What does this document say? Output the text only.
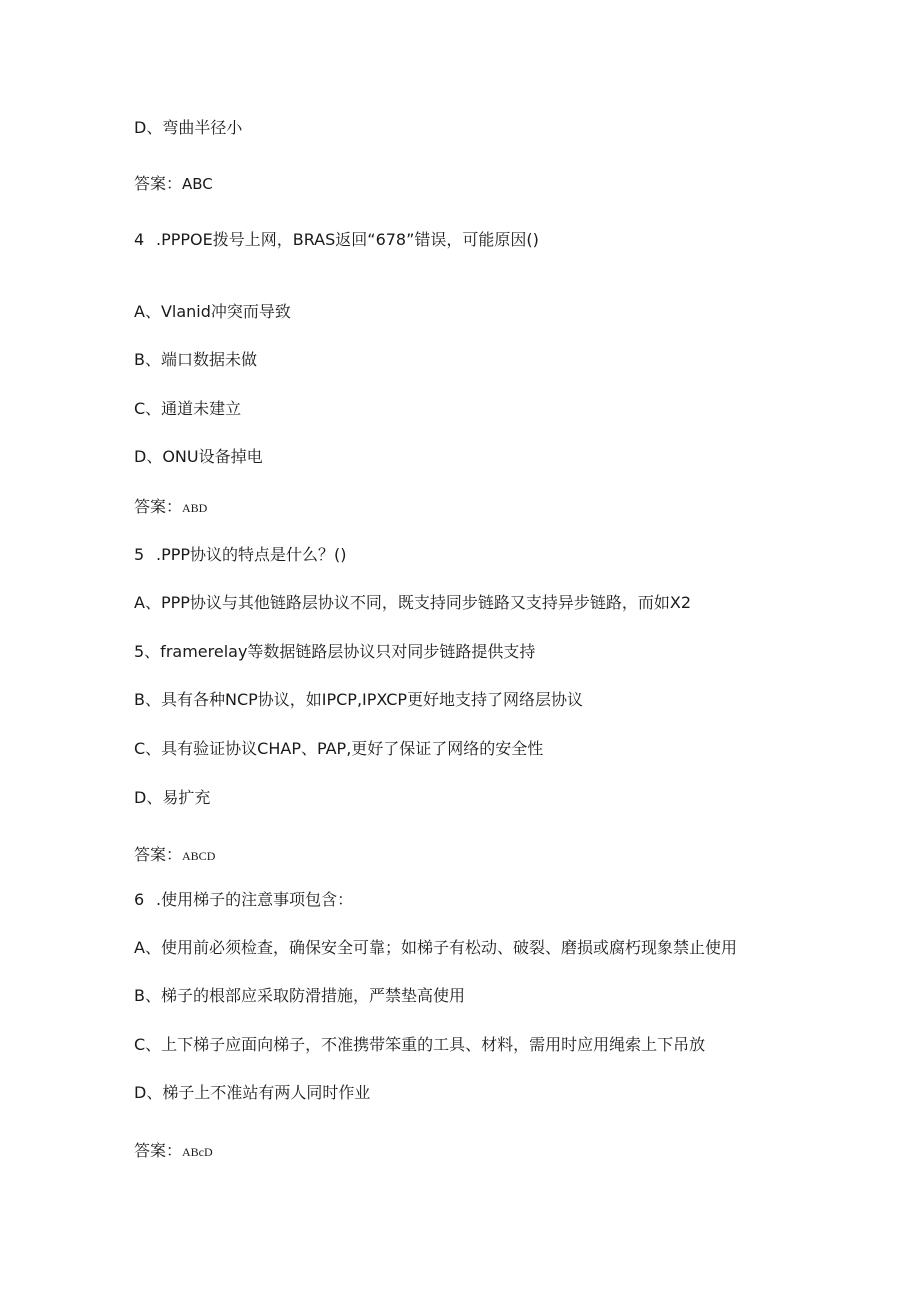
D、弯曲半径小
答案：ABC
4 .PPPOE拨号上网，BRAS返回“678”错误，可能原因()
A、Vlanid冲突而导致
B、端口数据未做
C、通道未建立
D、ONU设备掉电
答案：ABD
5 .PPP协议的特点是什么？()
A、PPP协议与其他链路层协议不同，既支持同步链路又支持异步链路，而如X2
5、framerelay等数据链路层协议只对同步链路提供支持
B、具有各种NCP协议，如IPCP,IPXCP更好地支持了网络层协议
C、具有验证协议CHAP、PAP,更好了保证了网络的安全性
D、易扩充
答案：ABCD
6 .使用梯子的注意事项包含：
A、使用前必须检查，确保安全可靠；如梯子有松动、破裂、磨损或腐朽现象禁止使用
B、梯子的根部应采取防滑措施，严禁垫高使用
C、上下梯子应面向梯子，不准携带笨重的工具、材料，需用时应用绳索上下吊放
D、梯子上不准站有两人同时作业
答案：ABcD
